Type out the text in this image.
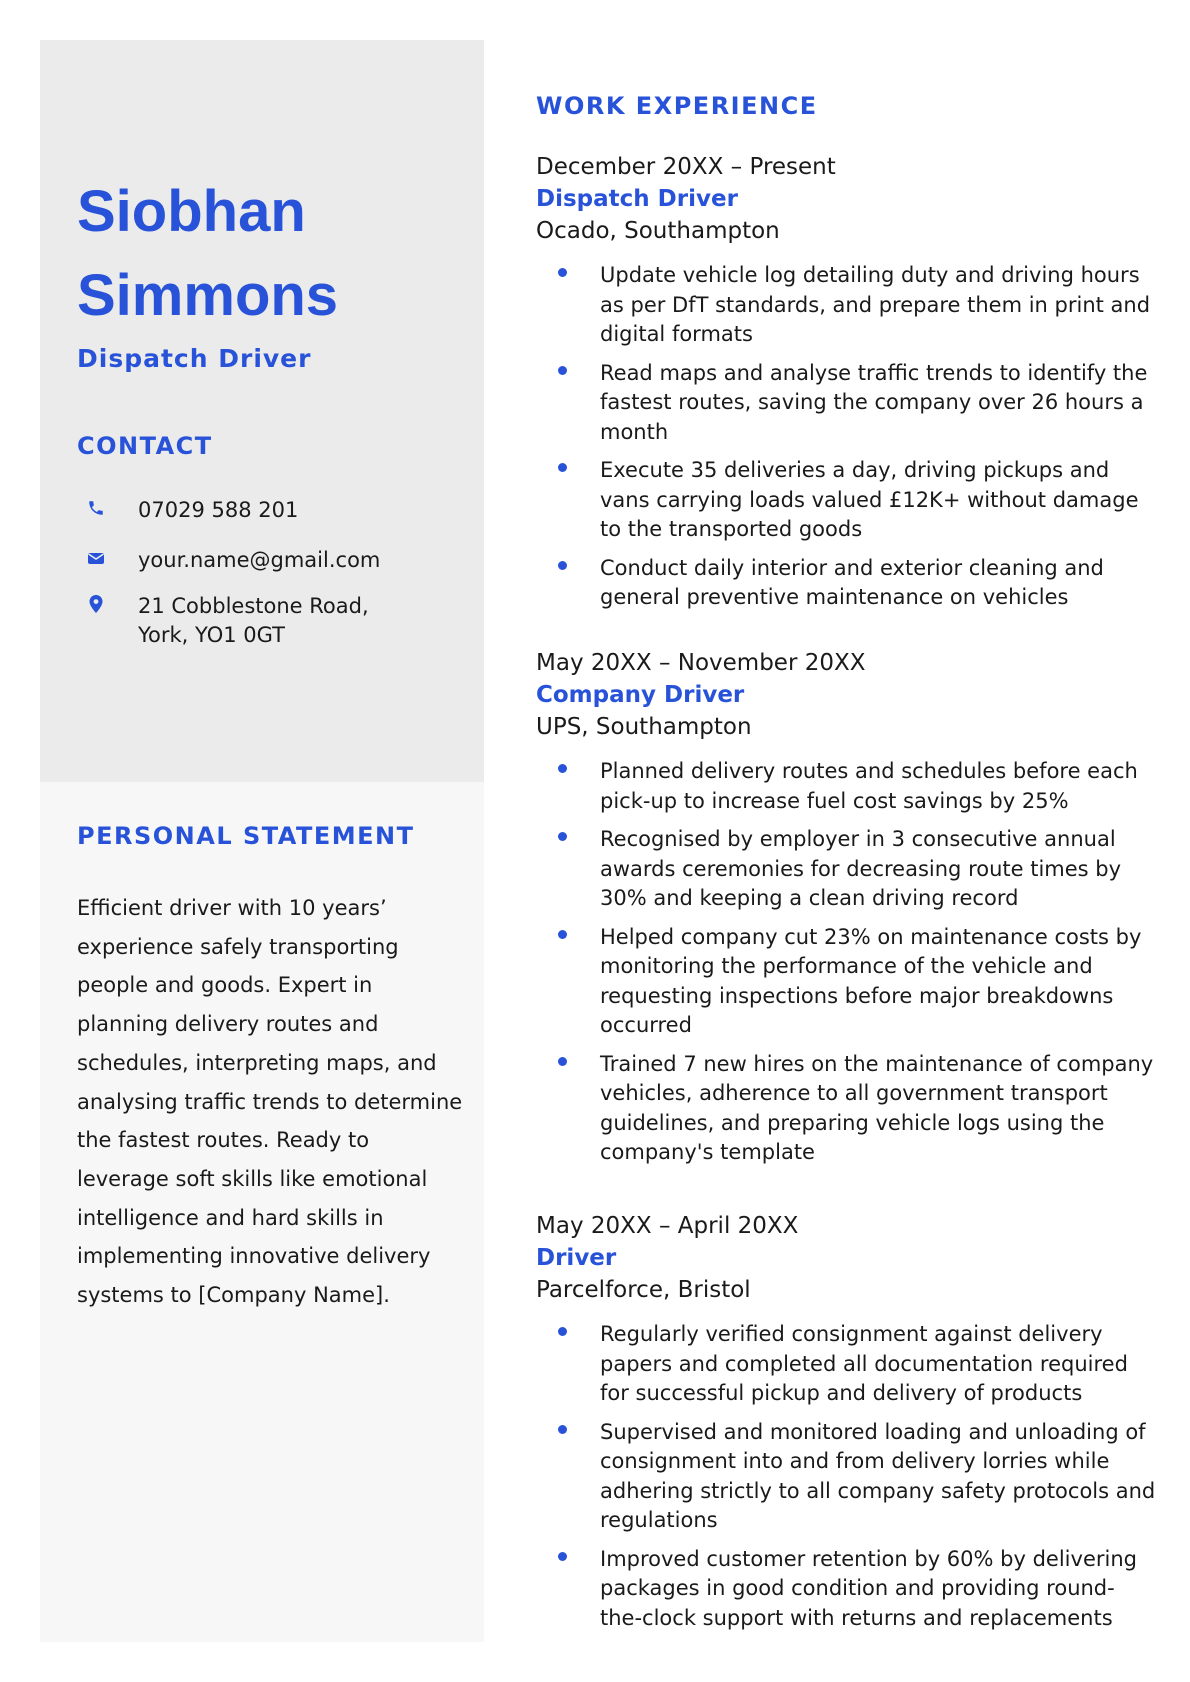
Siobhan
Simmons

Dispatch Driver

CONTACT
07029 588 201
your.name@gmail.com
21 Cobblestone Road,
York, YO1 0GT
PERSONAL STATEMENT

Efficient driver with 10 years’ experience safely transporting people and goods. Expert in planning delivery routes and schedules, interpreting maps, and analysing traffic trends to determine the fastest routes. Ready to leverage soft skills like emotional intelligence and hard skills in implementing innovative delivery systems to [Company Name].

WORK EXPERIENCE
December 20XX – Present
Dispatch Driver
Ocado, Southampton
Update vehicle log detailing duty and driving hours as per DfT standards, and prepare them in print and digital formats
Read maps and analyse traffic trends to identify the fastest routes, saving the company over 26 hours a month
Execute 35 deliveries a day, driving pickups and vans carrying loads valued £12K+ without damage to the transported goods
Conduct daily interior and exterior cleaning and general preventive maintenance on vehicles
May 20XX – November 20XX
Company Driver
UPS, Southampton
Planned delivery routes and schedules before each pick-up to increase fuel cost savings by 25%
Recognised by employer in 3 consecutive annual awards ceremonies for decreasing route times by 30% and keeping a clean driving record
Helped company cut 23% on maintenance costs by monitoring the performance of the vehicle and requesting inspections before major breakdowns occurred
Trained 7 new hires on the maintenance of company vehicles, adherence to all government transport guidelines, and preparing vehicle logs using the company's template
May 20XX – April 20XX
Driver
Parcelforce, Bristol
Regularly verified consignment against delivery papers and completed all documentation required for successful pickup and delivery of products
Supervised and monitored loading and unloading of consignment into and from delivery lorries while adhering strictly to all company safety protocols and regulations
Improved customer retention by 60% by delivering packages in good condition and providing round-the-clock support with returns and replacements
